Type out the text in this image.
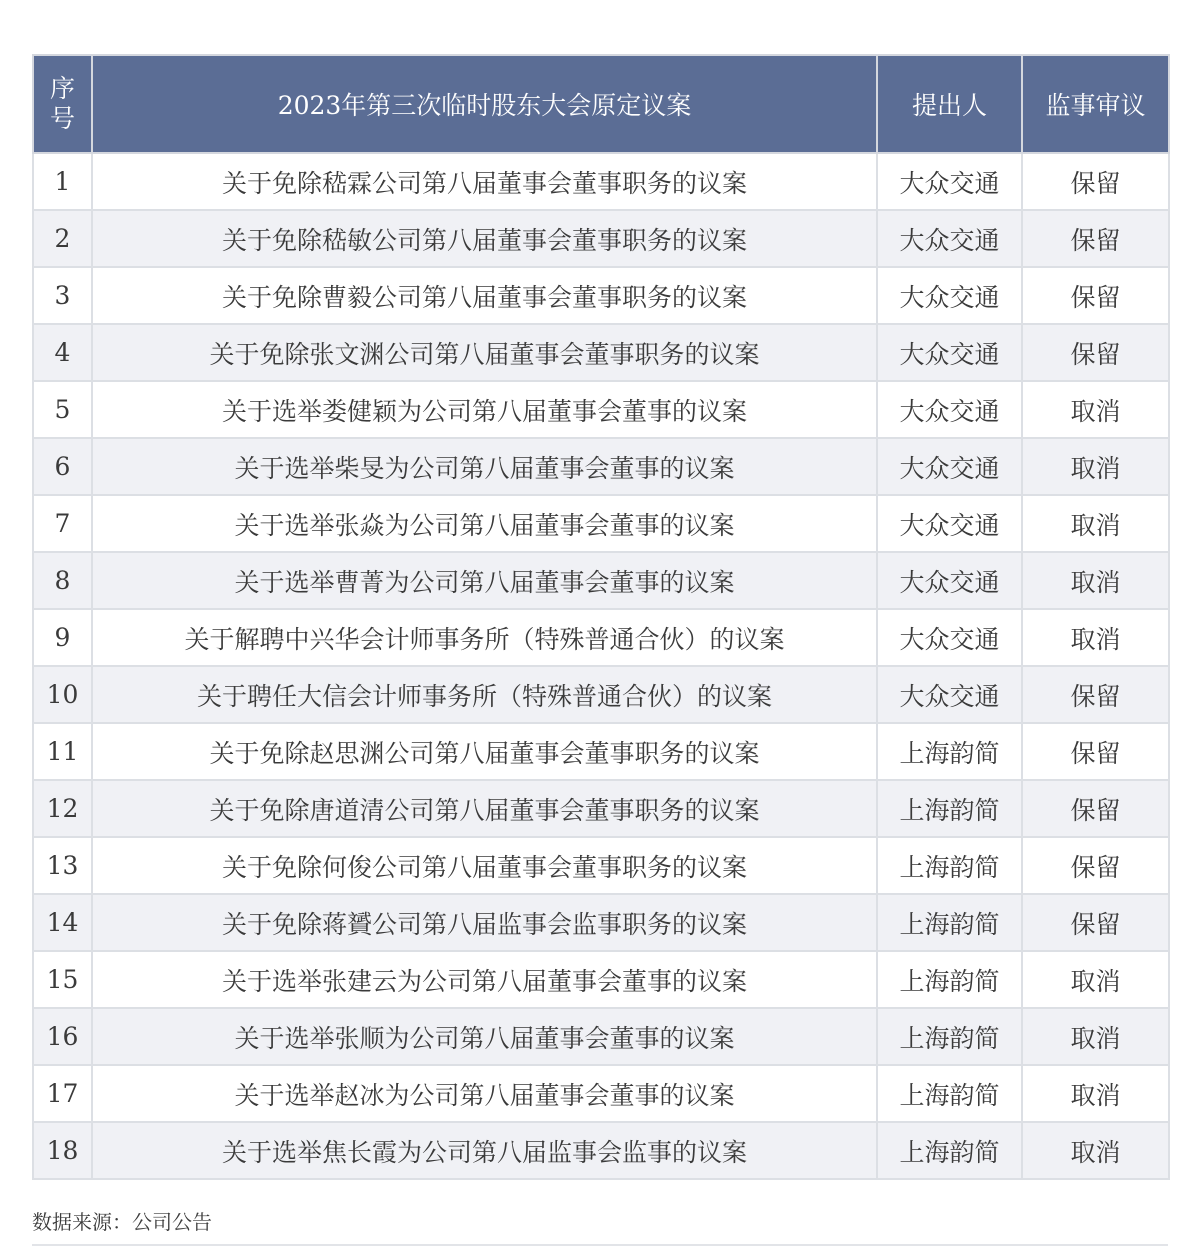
序号	2023年第三次临时股东大会原定议案	提出人	监事审议
1	关于免除嵇霖公司第八届董事会董事职务的议案	大众交通	保留
2	关于免除嵇敏公司第八届董事会董事职务的议案	大众交通	保留
3	关于免除曹毅公司第八届董事会董事职务的议案	大众交通	保留
4	关于免除张文渊公司第八届董事会董事职务的议案	大众交通	保留
5	关于选举娄健颖为公司第八届董事会董事的议案	大众交通	取消
6	关于选举柴旻为公司第八届董事会董事的议案	大众交通	取消
7	关于选举张焱为公司第八届董事会董事的议案	大众交通	取消
8	关于选举曹菁为公司第八届董事会董事的议案	大众交通	取消
9	关于解聘中兴华会计师事务所（特殊普通合伙）的议案	大众交通	取消
10	关于聘任大信会计师事务所（特殊普通合伙）的议案	大众交通	保留
11	关于免除赵思渊公司第八届董事会董事职务的议案	上海韵简	保留
12	关于免除唐道清公司第八届董事会董事职务的议案	上海韵简	保留
13	关于免除何俊公司第八届董事会董事职务的议案	上海韵简	保留
14	关于免除蒋贇公司第八届监事会监事职务的议案	上海韵简	保留
15	关于选举张建云为公司第八届董事会董事的议案	上海韵简	取消
16	关于选举张顺为公司第八届董事会董事的议案	上海韵简	取消
17	关于选举赵冰为公司第八届董事会董事的议案	上海韵简	取消
18	关于选举焦长霞为公司第八届监事会监事的议案	上海韵简	取消
数据来源：公司公告
